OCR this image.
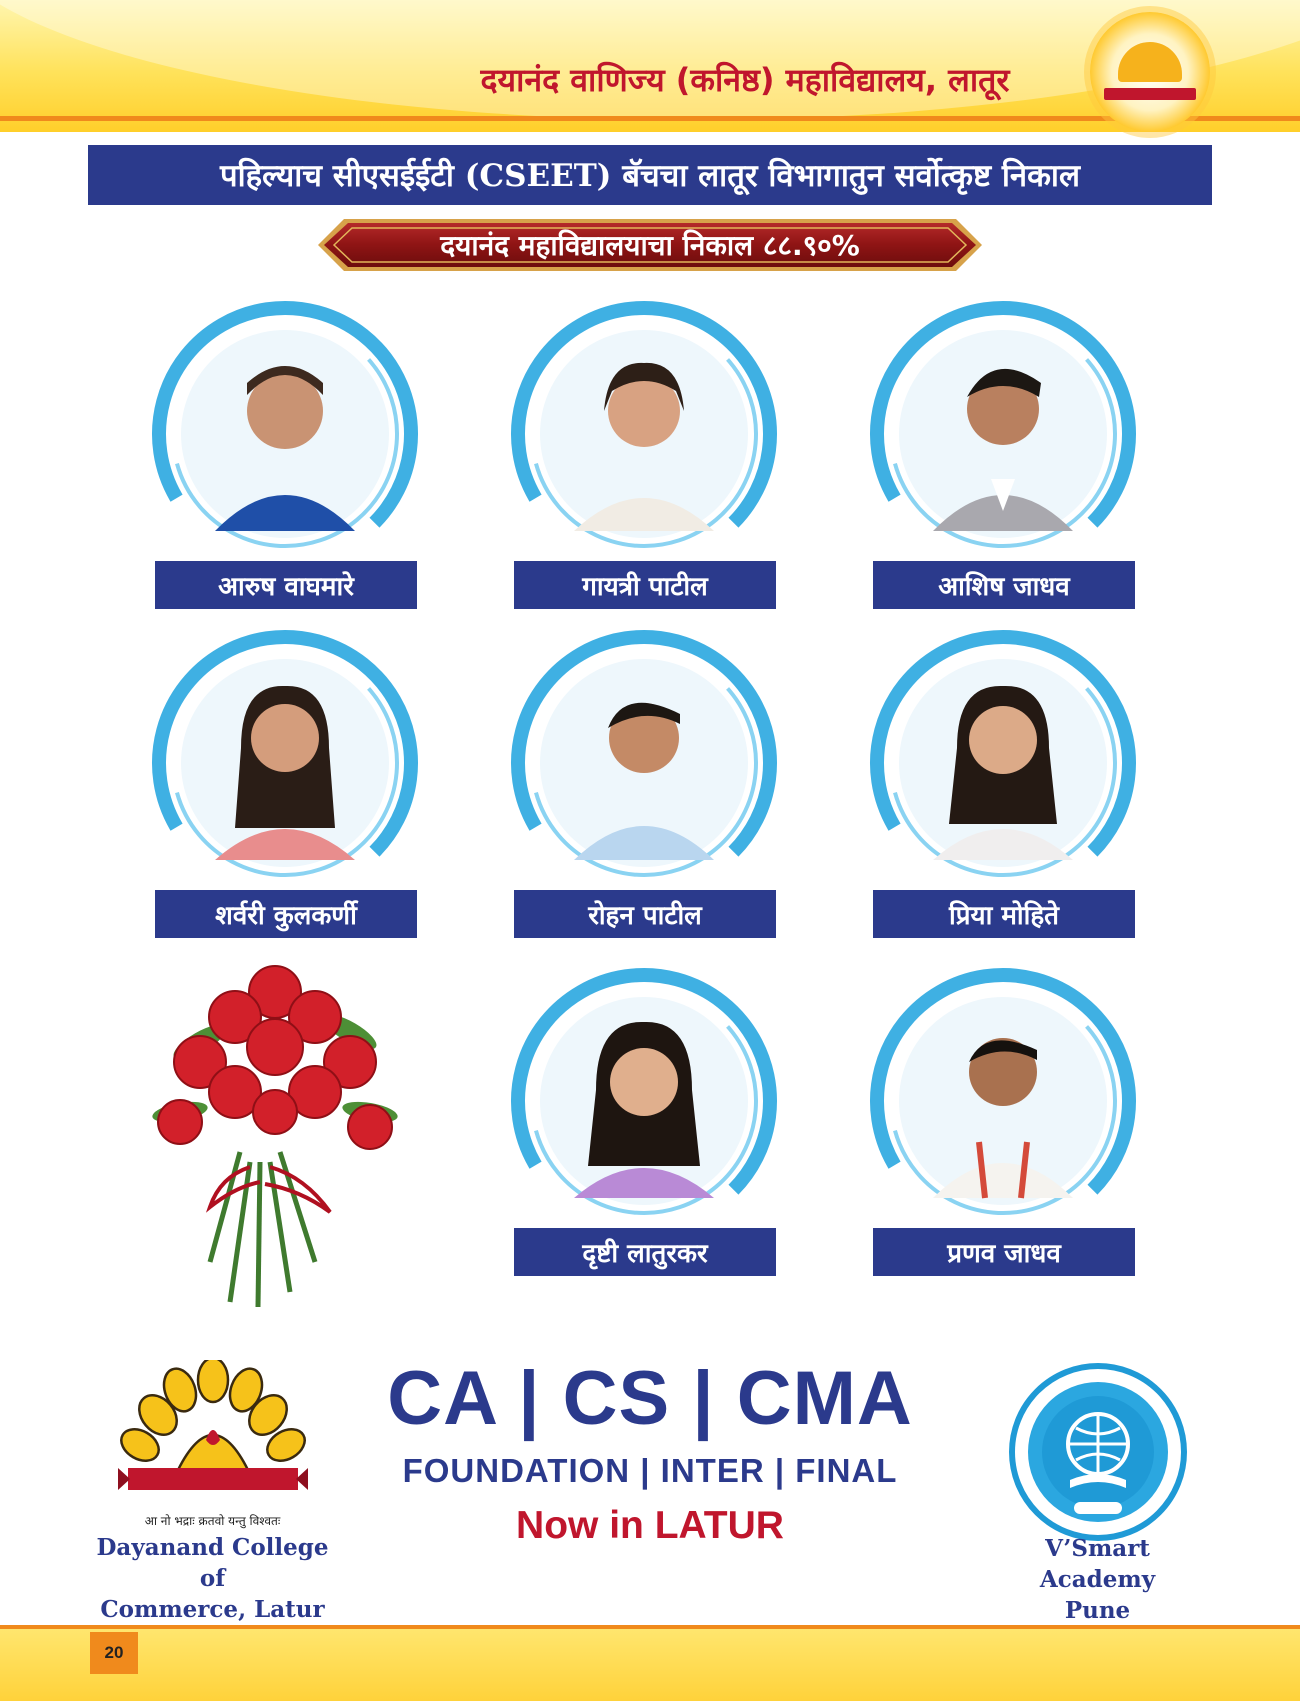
दयानंद वाणिज्य (कनिष्ठ) महाविद्यालय, लातूर
पहिल्याच सीएसईईटी (CSEET) बॅचचा लातूर विभागातुन सर्वोत्कृष्ट निकाल
दयानंद महाविद्यालयाचा निकाल ८८.९०%
आरुष वाघमारे	गायत्री पाटील	आशिष जाधव
शर्वरी कुलकर्णी	रोहन पाटील	प्रिया मोहिते
दृष्टी लातुरकर	प्रणव जाधव
आ नो भद्राः क्रतवो यन्तु विश्वतः
Dayanand College of
Commerce, Latur
CA | CS | CMA
FOUNDATION | INTER | FINAL
Now in LATUR
V’Smart Academy
Pune
20
